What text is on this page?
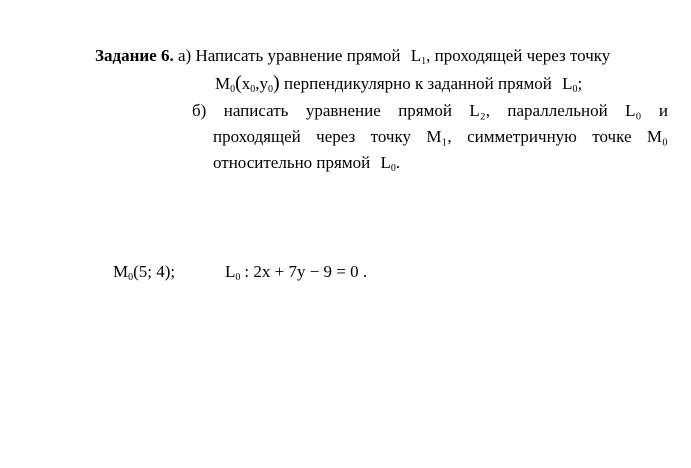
Задание 6. а) Написать уравнение прямой $L_1$, проходящей через точку
$M_0(x_0,y_0)$ перпендикулярно к заданной прямой $L_0$;
б) написать уравнение прямой L₂, параллельной L₀ и
проходящей через точку M₁, симметричную точке M₀
относительно прямой $L_0$.
$M_0(5$; 4);	$L_0$ : 2x + 7y − 9 = 0 .
